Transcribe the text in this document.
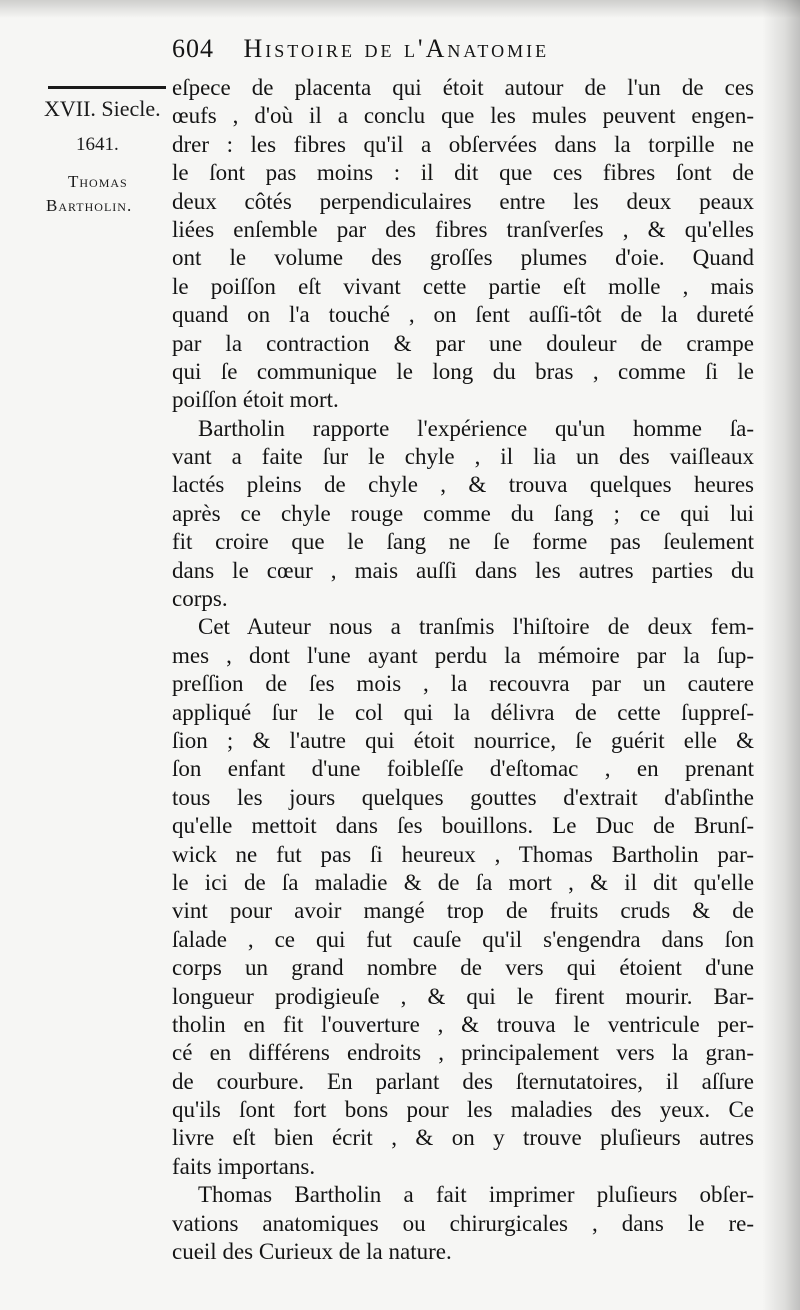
604 Histoire de l'Anatomie
XVII. Siecle.
1641.
Thomas
Bartholin.
eſpece de placenta qui étoit autour de l'un de ces
œufs , d'où il a conclu que les mules peuvent engen-
drer : les fibres qu'il a obſervées dans la torpille ne
le ſont pas moins : il dit que ces fibres ſont de
deux côtés perpendiculaires entre les deux peaux
liées enſemble par des fibres tranſverſes , & qu'elles
ont le volume des groſſes plumes d'oie. Quand
le poiſſon eſt vivant cette partie eſt molle , mais
quand on l'a touché , on ſent auſſi-tôt de la dureté
par la contraction & par une douleur de crampe
qui ſe communique le long du bras , comme ſi le
poiſſon étoit mort.
Bartholin rapporte l'expérience qu'un homme ſa-
vant a faite ſur le chyle , il lia un des vaiſleaux
lactés pleins de chyle , & trouva quelques heures
après ce chyle rouge comme du ſang ; ce qui lui
fit croire que le ſang ne ſe forme pas ſeulement
dans le cœur , mais auſſi dans les autres parties du
corps.
Cet Auteur nous a tranſmis l'hiſtoire de deux fem-
mes , dont l'une ayant perdu la mémoire par la ſup-
preſſion de ſes mois , la recouvra par un cautere
appliqué ſur le col qui la délivra de cette ſuppreſ-
ſion ; & l'autre qui étoit nourrice, ſe guérit elle &
ſon enfant d'une foibleſſe d'eſtomac , en prenant
tous les jours quelques gouttes d'extrait d'abſinthe
qu'elle mettoit dans ſes bouillons. Le Duc de Brunſ-
wick ne fut pas ſi heureux , Thomas Bartholin par-
le ici de ſa maladie & de ſa mort , & il dit qu'elle
vint pour avoir mangé trop de fruits cruds & de
ſalade , ce qui fut cauſe qu'il s'engendra dans ſon
corps un grand nombre de vers qui étoient d'une
longueur prodigieuſe , & qui le firent mourir. Bar-
tholin en fit l'ouverture , & trouva le ventricule per-
cé en différens endroits , principalement vers la gran-
de courbure. En parlant des ſternutatoires, il aſſure
qu'ils ſont fort bons pour les maladies des yeux. Ce
livre eſt bien écrit , & on y trouve pluſieurs autres
faits importans.
Thomas Bartholin a fait imprimer pluſieurs obſer-
vations anatomiques ou chirurgicales , dans le re-
cueil des Curieux de la nature.
